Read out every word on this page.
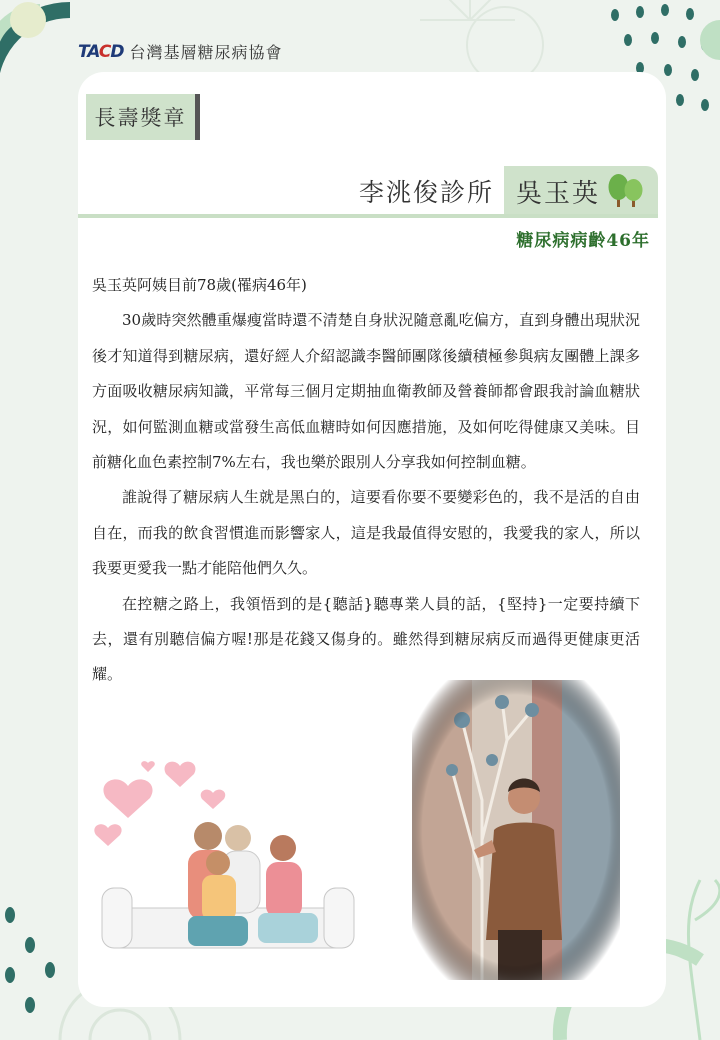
TACD 台灣基層糖尿病協會
長壽獎章
李洮俊診所 吳玉英
糖尿病病齡46年

吳玉英阿姨目前78歲(罹病46年)

30歲時突然體重爆瘦當時還不清楚自身狀況隨意亂吃偏方，直到身體出現狀況後才知道得到糖尿病，還好經人介紹認識李醫師團隊後續積極參與病友團體上課多方面吸收糖尿病知識，平常每三個月定期抽血衛教師及營養師都會跟我討論血糖狀況，如何監測血糖或當發生高低血糖時如何因應措施，及如何吃得健康又美味。目前糖化血色素控制7%左右，我也樂於跟別人分享我如何控制血糖。

誰說得了糖尿病人生就是黑白的，這要看你要不要變彩色的，我不是活的自由自在，而我的飲食習慣進而影響家人，這是我最值得安慰的，我愛我的家人，所以我要更愛我一點才能陪他們久久。

在控糖之路上，我領悟到的是{聽話}聽專業人員的話，{堅持}一定要持續下去，還有別聽信偏方喔!那是花錢又傷身的。雖然得到糖尿病反而過得更健康更活耀。
